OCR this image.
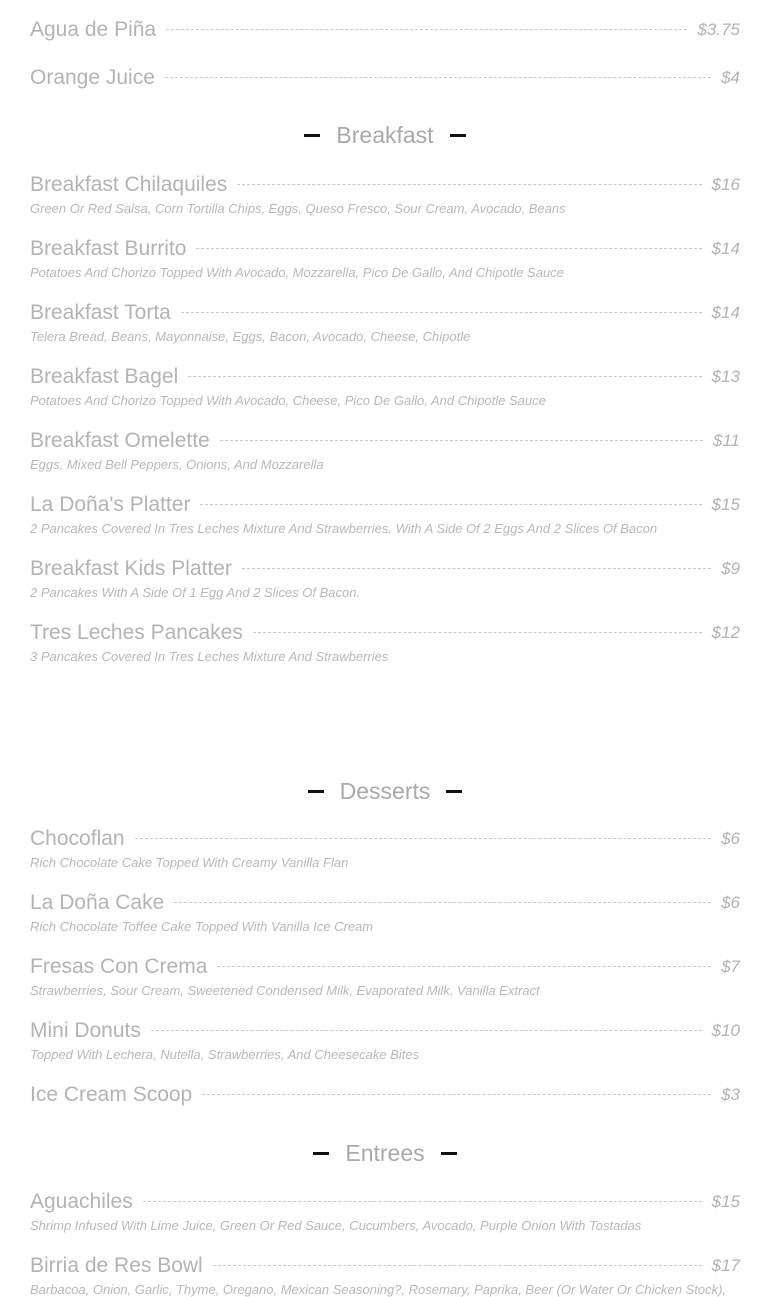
Agua de Piña	$3.75
Orange Juice	$4
Breakfast
Breakfast Chilaquiles	$16
Green Or Red Salsa, Corn Tortilla Chips, Eggs, Queso Fresco, Sour Cream, Avocado, Beans
Breakfast Burrito	$14
Potatoes And Chorizo Topped With Avocado, Mozzarella, Pico De Gallo, And Chipotle Sauce
Breakfast Torta	$14
Telera Bread, Beans, Mayonnaise, Eggs, Bacon, Avocado, Cheese, Chipotle
Breakfast Bagel	$13
Potatoes And Chorizo Topped With Avocado, Cheese, Pico De Gallo, And Chipotle Sauce
Breakfast Omelette	$11
Eggs, Mixed Bell Peppers, Onions, And Mozzarella
La Doña's Platter	$15
2 Pancakes Covered In Tres Leches Mixture And Strawberries. With A Side Of 2 Eggs And 2 Slices Of Bacon
Breakfast Kids Platter	$9
2 Pancakes With A Side Of 1 Egg And 2 Slices Of Bacon.
Tres Leches Pancakes	$12
3 Pancakes Covered In Tres Leches Mixture And Strawberries
Desserts
Chocoflan	$6
Rich Chocolate Cake Topped With Creamy Vanilla Flan
La Doña Cake	$6
Rich Chocolate Toffee Cake Topped With Vanilla Ice Cream
Fresas Con Crema	$7
Strawberries, Sour Cream, Sweetened Condensed Milk, Evaporated Milk, Vanilla Extract
Mini Donuts	$10
Topped With Lechera, Nutella, Strawberries, And Cheesecake Bites
Ice Cream Scoop	$3
Entrees
Aguachiles	$15
Shrimp Infused With Lime Juice, Green Or Red Sauce, Cucumbers, Avocado, Purple Onion With Tostadas
Birria de Res Bowl	$17
Barbacoa, Onion, Garlic, Thyme, Oregano, Mexican Seasoning?, Rosemary, Paprika, Beer (Or Water Or Chicken Stock),
